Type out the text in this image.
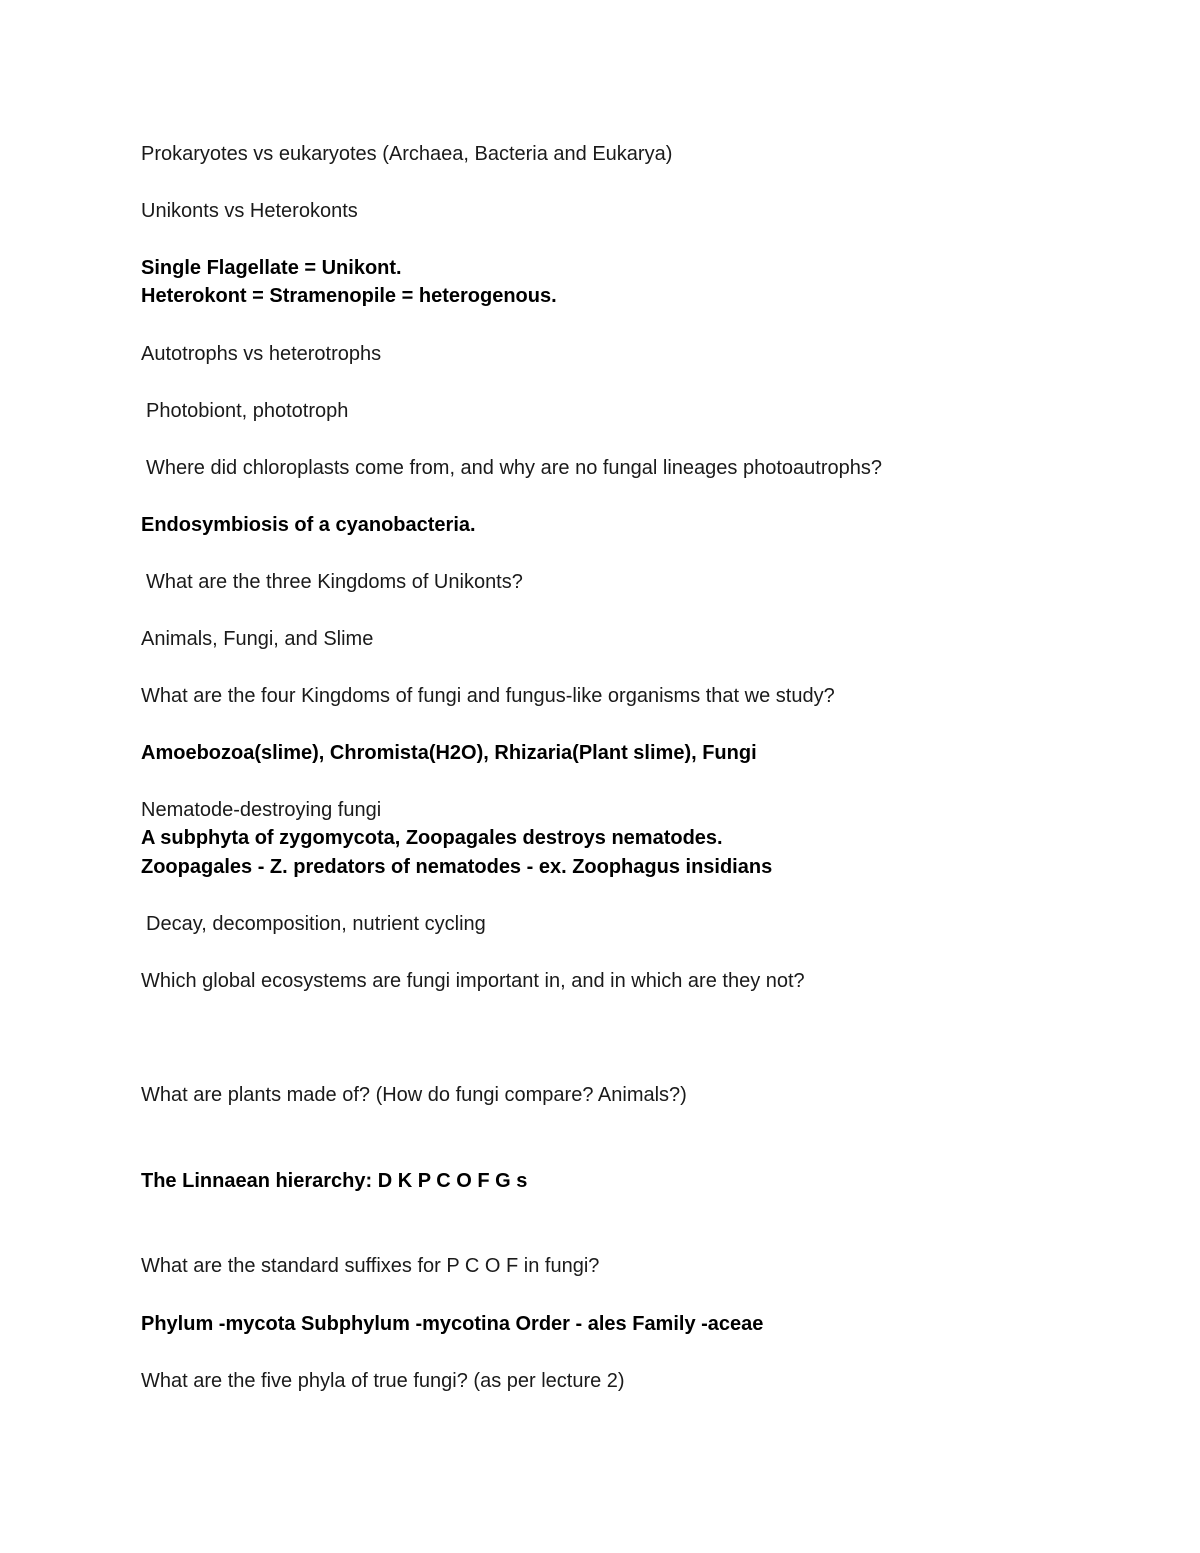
Prokaryotes vs eukaryotes (Archaea, Bacteria and Eukarya)

Unikonts vs Heterokonts

Single Flagellate = Unikont.

Heterokont = Stramenopile = heterogenous.

Autotrophs vs heterotrophs

Photobiont, phototroph

Where did chloroplasts come from, and why are no fungal lineages photoautrophs?

Endosymbiosis of a cyanobacteria.

What are the three Kingdoms of Unikonts?

Animals, Fungi, and Slime

What are the four Kingdoms of fungi and fungus-like organisms that we study?

Amoebozoa(slime), Chromista(H2O), Rhizaria(Plant slime), Fungi

Nematode-destroying fungi

A subphyta of zygomycota, Zoopagales destroys nematodes.

Zoopagales - Z. predators of nematodes - ex. Zoophagus insidians

Decay, decomposition, nutrient cycling

Which global ecosystems are fungi important in, and in which are they not?

What are plants made of? (How do fungi compare? Animals?)

The Linnaean hierarchy: D K P C O F G s

What are the standard suffixes for P C O F in fungi?

Phylum -mycota Subphylum -mycotina Order - ales Family -aceae

What are the five phyla of true fungi? (as per lecture 2)
